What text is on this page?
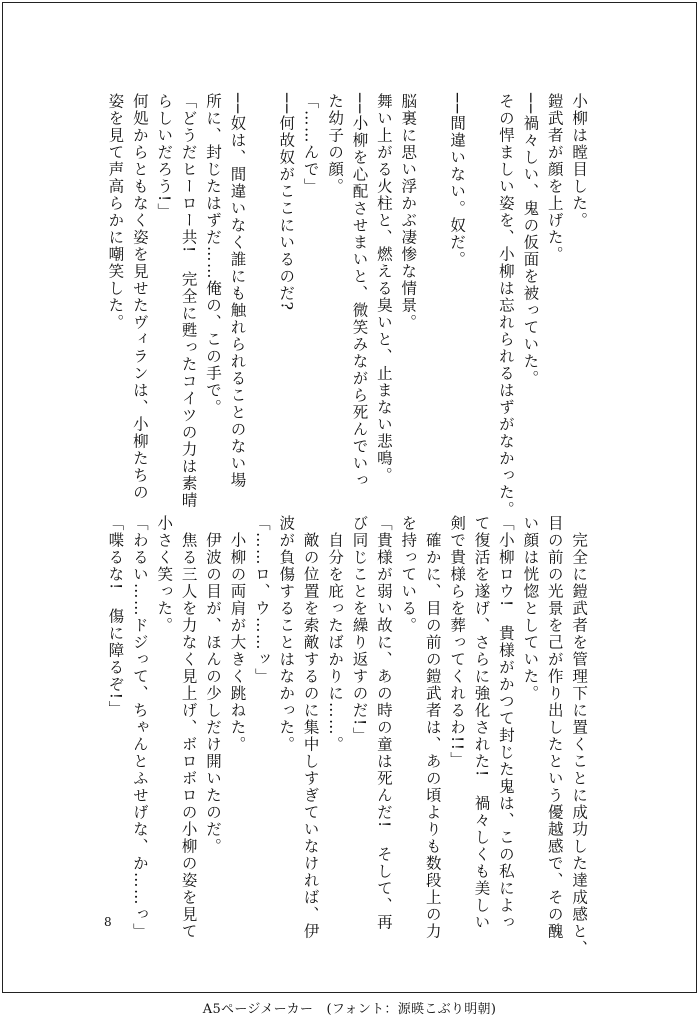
小柳は瞠目した。
鎧武者が顔を上げた。
──禍々しい、鬼の仮面を被っていた。
その悍ましい姿を、小柳は忘れられるはずがなかった。

──間違いない。奴だ。

脳裏に思い浮かぶ凄惨な情景。
舞い上がる火柱と、燃える臭いと、止まない悲鳴。
──小柳を心配させまいと、微笑みながら死んでいっ
た幼子の顔。
「……んで」
──何故奴がここにいるのだ?

──奴は、間違いなく誰にも触れられることのない場
所に、封じたはずだ……俺の、この手で。
「どうだヒーロー共!　完全に甦ったコイツの力は素晴
らしいだろう!」
何処からともなく姿を見せたヴィランは、小柳たちの
姿を見て声高らかに嘲笑した。
　完全に鎧武者を管理下に置くことに成功した達成感と、
目の前の光景を己が作り出したという優越感で、その醜
い顔は恍惚としていた。
「小柳ロウ!　貴様がかつて封じた鬼は、この私によっ
て復活を遂げ、さらに強化された!　禍々しくも美しい
剣で貴様らを葬ってくれるわ!!」
　確かに、目の前の鎧武者は、あの頃よりも数段上の力
を持っている。
「貴様が弱い故に、あの時の童は死んだ!　そして、再
び同じことを繰り返すのだ!」
　自分を庇ったばかりに……。
　敵の位置を索敵するのに集中しすぎていなければ、伊
波が負傷することはなかった。
「……ロ、ウ……ッ」
　小柳の両肩が大きく跳ねた。
　伊波の目が、ほんの少しだけ開いたのだ。
　焦る三人を力なく見上げ、ボロボロの小柳の姿を見て
小さく笑った。
「わるい……ドジって、ちゃんとふせげな、か……っ」
「喋るな!　傷に障るぞ!」
8
A5ページメーカー　(フォント：源暎こぶり明朝)
